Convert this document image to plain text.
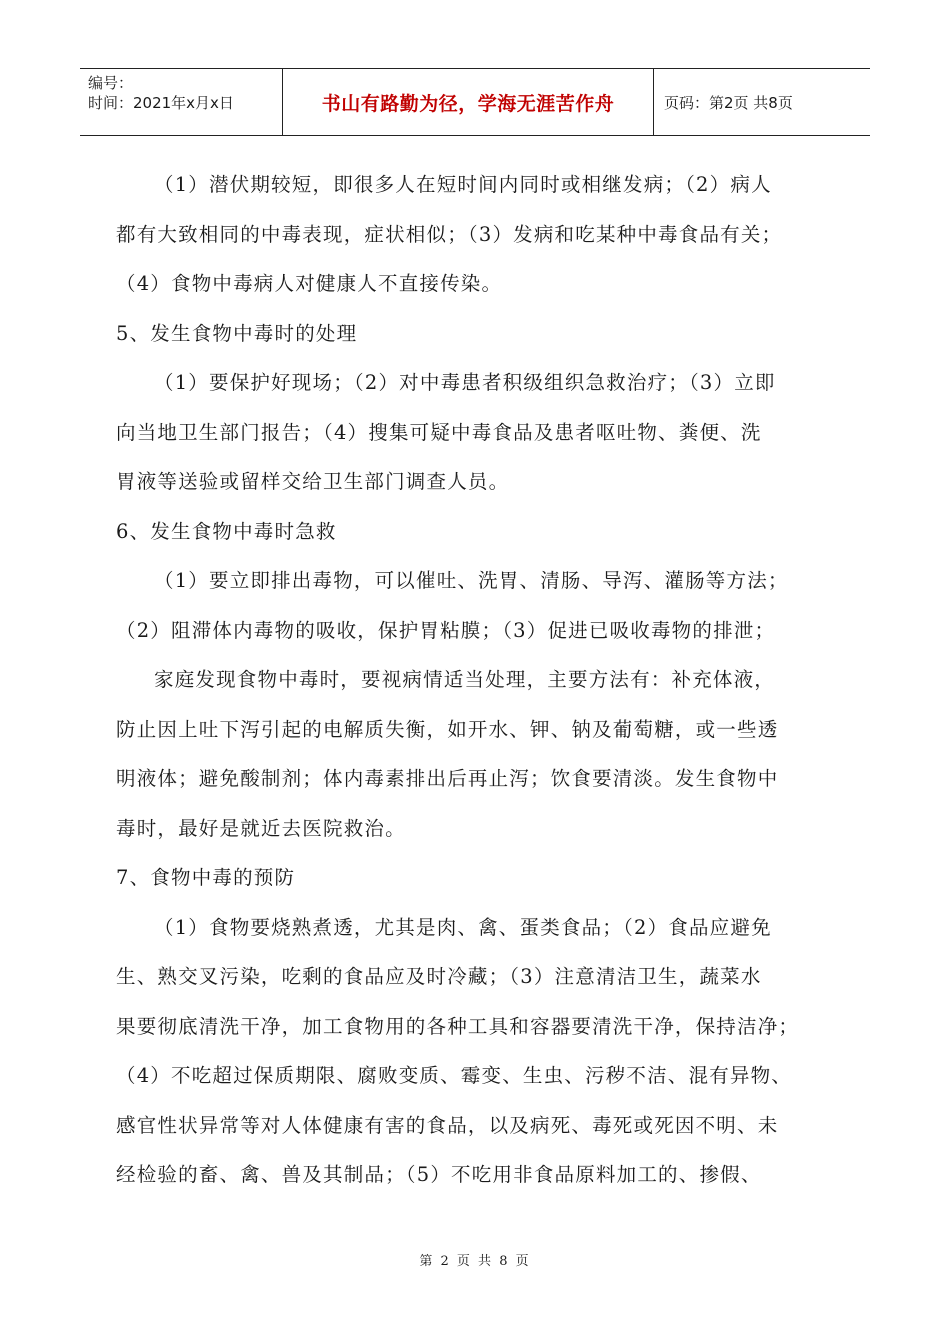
编号：
时间：2021年x月x日	书山有路勤为径，学海无涯苦作舟	页码：第2页 共8页
（1）潜伏期较短，即很多人在短时间内同时或相继发病；（2）病人
都有大致相同的中毒表现，症状相似；（3）发病和吃某种中毒食品有关；
（4）食物中毒病人对健康人不直接传染。
5、发生食物中毒时的处理
（1）要保护好现场；（2）对中毒患者积级组织急救治疗；（3）立即
向当地卫生部门报告；（4）搜集可疑中毒食品及患者呕吐物、粪便、洗
胃液等送验或留样交给卫生部门调查人员。
6、发生食物中毒时急救
（1）要立即排出毒物，可以催吐、洗胃、清肠、导泻、灌肠等方法；
（2）阻滞体内毒物的吸收，保护胃粘膜；（3）促进已吸收毒物的排泄；
家庭发现食物中毒时，要视病情适当处理，主要方法有：补充体液，
防止因上吐下泻引起的电解质失衡，如开水、钾、钠及葡萄糖，或一些透
明液体；避免酸制剂；体内毒素排出后再止泻；饮食要清淡。发生食物中
毒时，最好是就近去医院救治。
7、食物中毒的预防
（1）食物要烧熟煮透，尤其是肉、禽、蛋类食品；（2）食品应避免
生、熟交叉污染，吃剩的食品应及时冷藏；（3）注意清洁卫生，蔬菜水
果要彻底清洗干净，加工食物用的各种工具和容器要清洗干净，保持洁净；
（4）不吃超过保质期限、腐败变质、霉变、生虫、污秽不洁、混有异物、
感官性状异常等对人体健康有害的食品，以及病死、毒死或死因不明、未
经检验的畜、禽、兽及其制品；（5）不吃用非食品原料加工的、掺假、
第 2 页 共 8 页
